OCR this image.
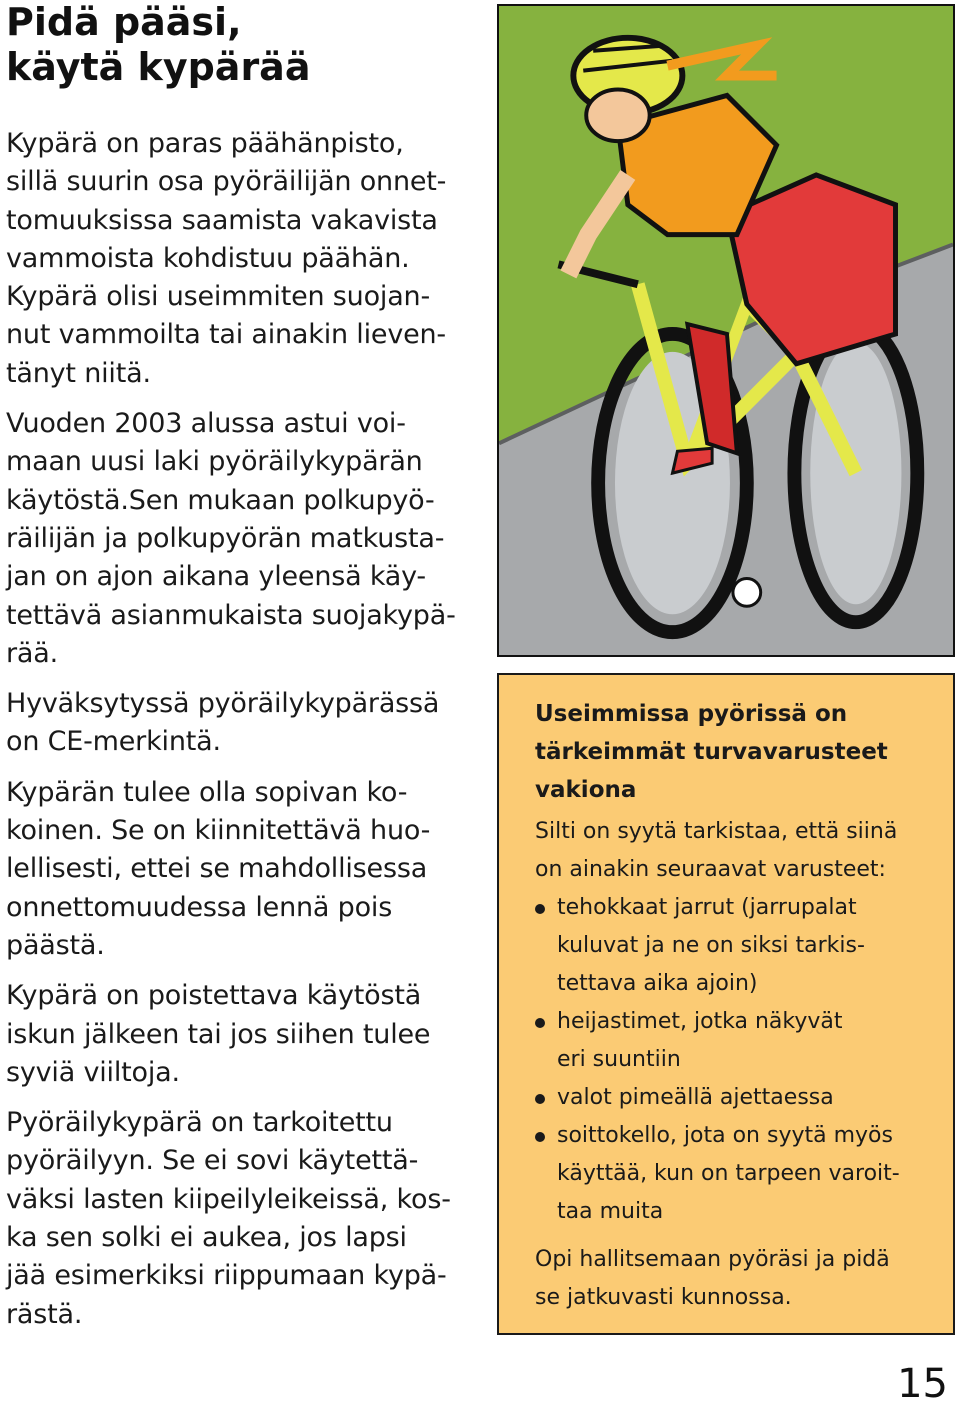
Pidä pääsi,
käytä kypärää

Kypärä on paras päähänpisto,
sillä suurin osa pyöräilijän onnet-
tomuuksissa saamista vakavista
vammoista kohdistuu päähän.
Kypärä olisi useimmiten suojan-
nut vammoilta tai ainakin lieven-
tänyt niitä.

Vuoden 2003 alussa astui voi-
maan uusi laki pyöräilykypärän
käytöstä.Sen mukaan polkupyö-
räilijän ja polkupyörän matkusta-
jan on ajon aikana yleensä käy-
tettävä asianmukaista suojakypä-
rää.

Hyväksytyssä pyöräilykypärässä
on CE-merkintä.

Kypärän tulee olla sopivan ko-
koinen. Se on kiinnitettävä huo-
lellisesti, ettei se mahdollisessa
onnettomuudessa lennä pois
päästä.

Kypärä on poistettava käytöstä
iskun jälkeen tai jos siihen tulee
syviä viiltoja.

Pyöräilykypärä on tarkoitettu
pyöräilyyn. Se ei sovi käytettä-
väksi lasten kiipeilyleikeissä, kos-
ka sen solki ei aukea, jos lapsi
jää esimerkiksi riippumaan kypä-
rästä.

Useimmissa pyörissä on
tärkeimmät turvavarusteet
vakiona
Silti on syytä tarkistaa, että siinä
on ainakin seuraavat varusteet:
tehokkaat jarrut (jarrupalat
kuluvat ja ne on siksi tarkis-
tettava aika ajoin)
heijastimet, jotka näkyvät
eri suuntiin
valot pimeällä ajettaessa
soittokello, jota on syytä myös
käyttää, kun on tarpeen varoit-
taa muita
Opi hallitsemaan pyöräsi ja pidä
se jatkuvasti kunnossa.
15
